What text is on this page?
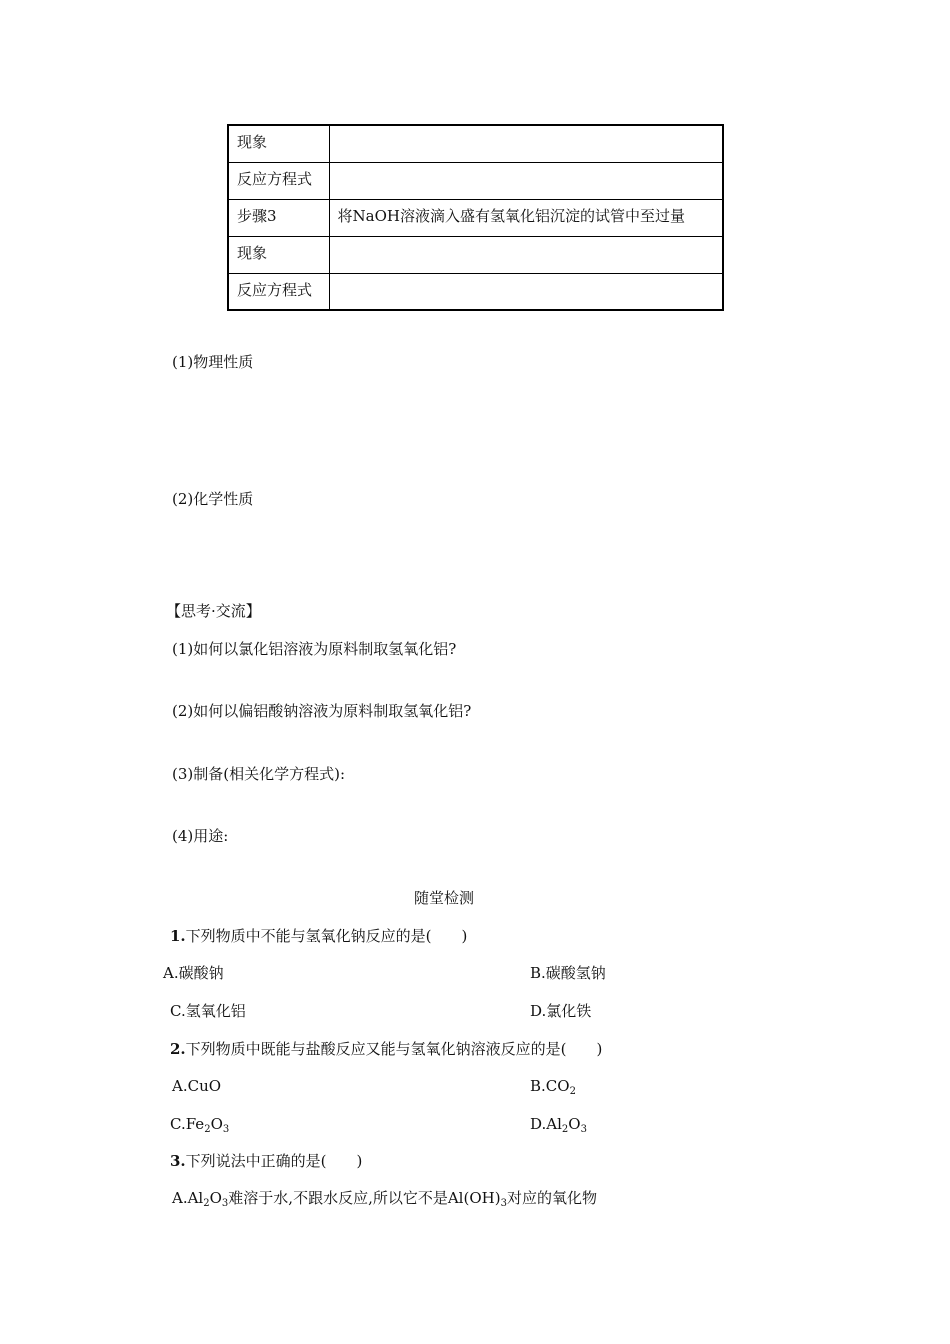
现象	
反应方程式	
步骤3	将NaOH溶液滴入盛有氢氧化铝沉淀的试管中至过量
现象	
反应方程式	
(1)物理性质
(2)化学性质
【思考·交流】
(1)如何以氯化铝溶液为原料制取氢氧化铝?
(2)如何以偏铝酸钠溶液为原料制取氢氧化铝?
(3)制备(相关化学方程式):
(4)用途:
随堂检测
1.下列物质中不能与氢氧化钠反应的是(　　)
A.碳酸钠	B.碳酸氢钠
C.氢氧化铝	D.氯化铁
2.下列物质中既能与盐酸反应又能与氢氧化钠溶液反应的是(　　)
A.CuO	$B.CO_2$
$C.Fe_2O_3$	$D.Al_2O_3$
3.下列说法中正确的是(　　)
$A.Al_2O_3$难溶于水,不跟水反应,所以它不是$Al(OH)_3$对应的氧化物
